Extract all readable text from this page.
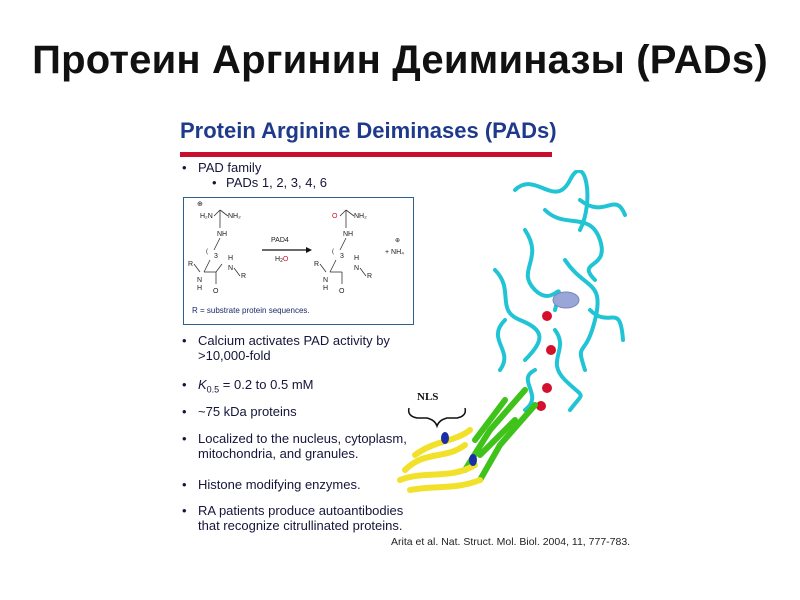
Протеин Аргинин Деиминазы (PADs)
Protein Arginine Deiminases (PADs)
• PAD family
• PADs 1, 2, 3, 4, 6
⊕
H₂N NH₂
NH
(
3
R
N
H O
H
N
R
PAD4
H2O
O NH₂
NH
(
3
R
N
H O
H
N
R
⊕
+ NH₄
R = substrate protein sequences.
• Calcium activates PAD activity by
>10,000-fold
• $K_{0.5} = 0.2$ to 0.5 mM
• ~75 kDa proteins
• Localized to the nucleus, cytoplasm,
mitochondria, and granules.
• Histone modifying enzymes.
• RA patients produce autoantibodies
that recognize citrullinated proteins.
NLS
Arita et al. Nat. Struct. Mol. Biol. 2004, 11, 777-783.
